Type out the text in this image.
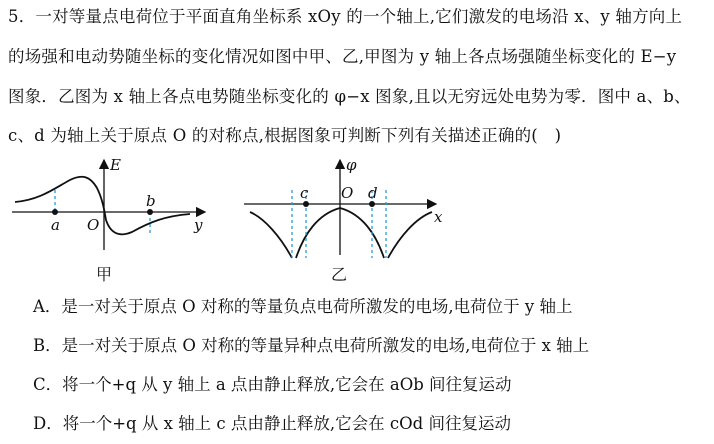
5．一对等量点电荷位于平面直角坐标系 xOy 的一个轴上,它们激发的电场沿 x、y 轴方向上
的场强和电动势随坐标的变化情况如图中甲、乙,甲图为 y 轴上各点场强随坐标变化的 E−y
图象．乙图为 x 轴上各点电势随坐标变化的 φ−x 图象,且以无穷远处电势为零．图中 a、b、
c、d 为轴上关于原点 O 的对称点,根据图象可判断下列有关描述正确的(　)
E
y
O
a
b
甲
φ
x
O
c	d
乙
A．是一对关于原点 O 对称的等量负点电荷所激发的电场,电荷位于 y 轴上
B．是一对关于原点 O 对称的等量异种点电荷所激发的电场,电荷位于 x 轴上
C．将一个+q 从 y 轴上 a 点由静止释放,它会在 aOb 间往复运动
D．将一个+q 从 x 轴上 c 点由静止释放,它会在 cOd 间往复运动
